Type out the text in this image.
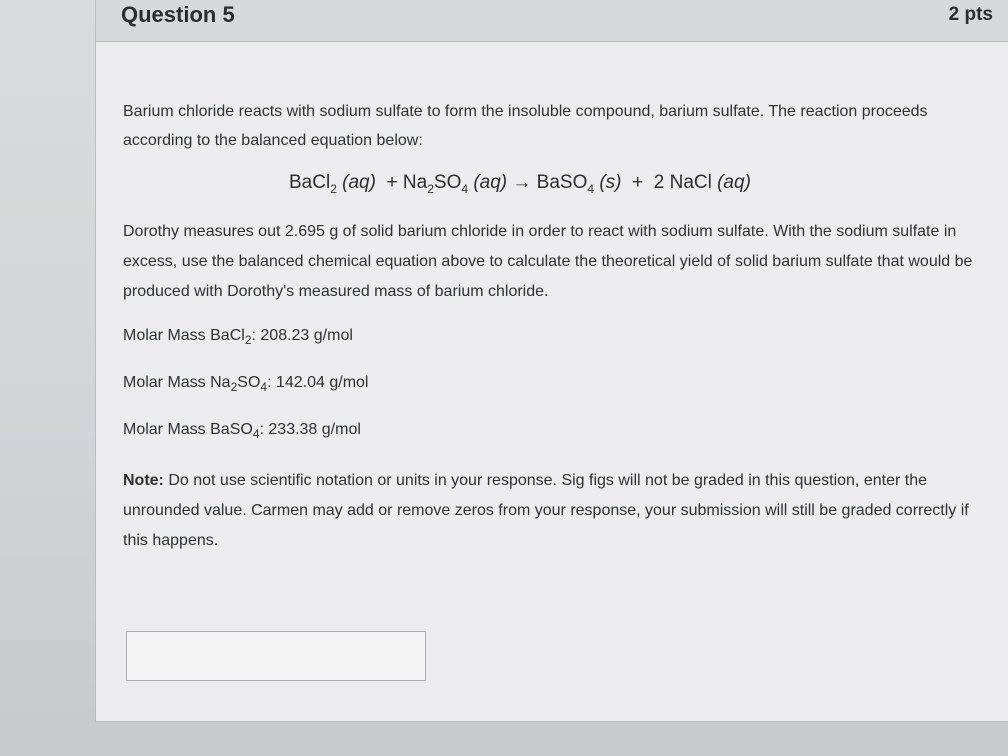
Question 5	2 pts

Barium chloride reacts with sodium sulfate to form the insoluble compound, barium sulfate. The reaction proceeds according to the balanced equation below:

BaCl$_2$ $(aq) + Na_2SO_4$ (aq) → BaSO$_4$ (s) + 2 NaCl (aq)

Dorothy measures out 2.695 g of solid barium chloride in order to react with sodium sulfate. With the sodium sulfate in excess, use the balanced chemical equation above to calculate the theoretical yield of solid barium sulfate that would be produced with Dorothy's measured mass of barium chloride.

Molar Mass BaCl$_2$: 208.23 g/mol
Molar Mass $Na_2SO_4$: 142.04 g/mol
Molar Mass BaSO$_4$: 233.38 g/mol

Note: Do not use scientific notation or units in your response. Sig figs will not be graded in this question, enter the unrounded value. Carmen may add or remove zeros from your response, your submission will still be graded correctly if this happens.
